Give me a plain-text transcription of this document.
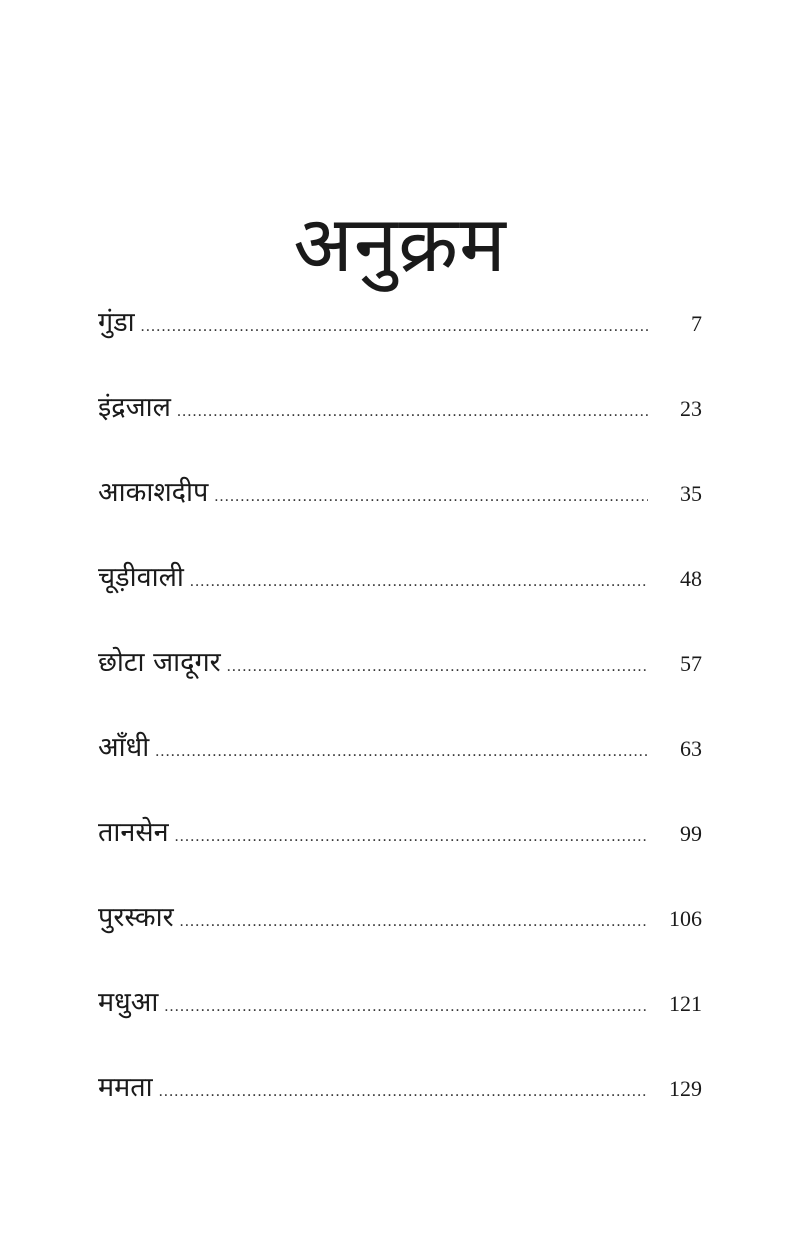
अनुक्रम
गुंडा .....	7
इंद्रजाल .....	23
आकाशदीप .....	35
चूड़ीवाली .....	48
छोटा जादूगर .....	57
आँधी .....	63
तानसेन .....	99
पुरस्कार .....	106
मधुआ .....	121
ममता .....	129
